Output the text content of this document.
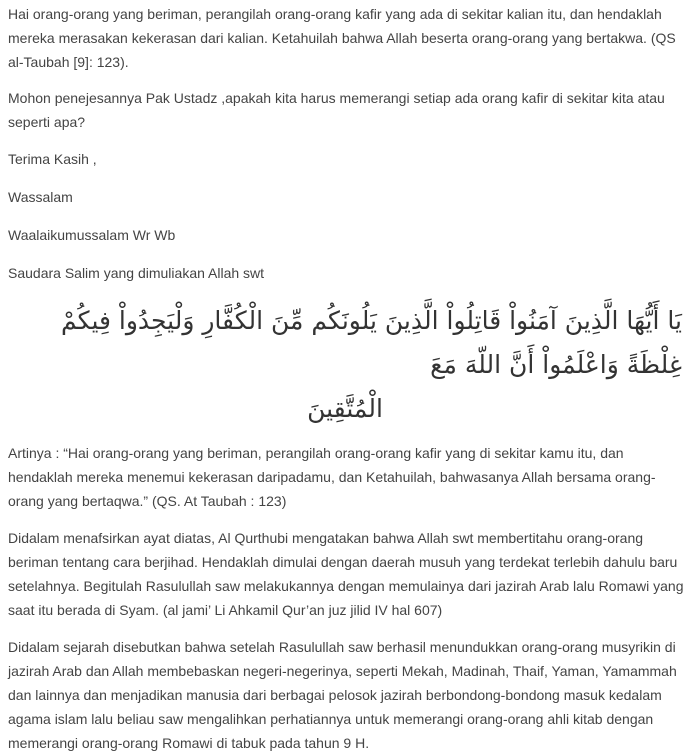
Hai orang-orang yang beriman, perangilah orang-orang kafir yang ada di sekitar kalian itu, dan hendaklah mereka merasakan kekerasan dari kalian. Ketahuilah bahwa Allah beserta orang-orang yang bertakwa. (QS al-Taubah [9]: 123).

Mohon penejesannya Pak Ustadz ,apakah kita harus memerangi setiap ada orang kafir di sekitar kita atau seperti apa?

Terima Kasih ,

Wassalam

Waalaikumussalam Wr Wb

Saudara Salim yang dimuliakan Allah swt

يَا أَيُّهَا الَّذِينَ آمَنُواْ قَاتِلُواْ الَّذِينَ يَلُونَكُم مِّنَ الْكُفَّارِ وَلْيَجِدُواْ فِيكُمْ غِلْظَةً وَاعْلَمُواْ أَنَّ اللّهَ مَعَ
الْمُتَّقِينَ

Artinya : “Hai orang-orang yang beriman, perangilah orang-orang kafir yang di sekitar kamu itu, dan hendaklah mereka menemui kekerasan daripadamu, dan Ketahuilah, bahwasanya Allah bersama orang-orang yang bertaqwa.” (QS. At Taubah : 123)

Didalam menafsirkan ayat diatas, Al Qurthubi mengatakan bahwa Allah swt membertitahu orang-orang beriman tentang cara berjihad. Hendaklah dimulai dengan daerah musuh yang terdekat terlebih dahulu baru setelahnya. Begitulah Rasulullah saw melakukannya dengan memulainya dari jazirah Arab lalu Romawi yang saat itu berada di Syam. (al jami’ Li Ahkamil Qur’an juz jilid IV hal 607)

Didalam sejarah disebutkan bahwa setelah Rasulullah saw berhasil menundukkan orang-orang musyrikin di jazirah Arab dan Allah membebaskan negeri-negerinya, seperti Mekah, Madinah, Thaif, Yaman, Yamammah dan lainnya dan menjadikan manusia dari berbagai pelosok jazirah berbondong-bondong masuk kedalam agama islam lalu beliau saw mengalihkan perhatiannya untuk memerangi orang-orang ahli kitab dengan memerangi orang-orang Romawi di tabuk pada tahun 9 H.
